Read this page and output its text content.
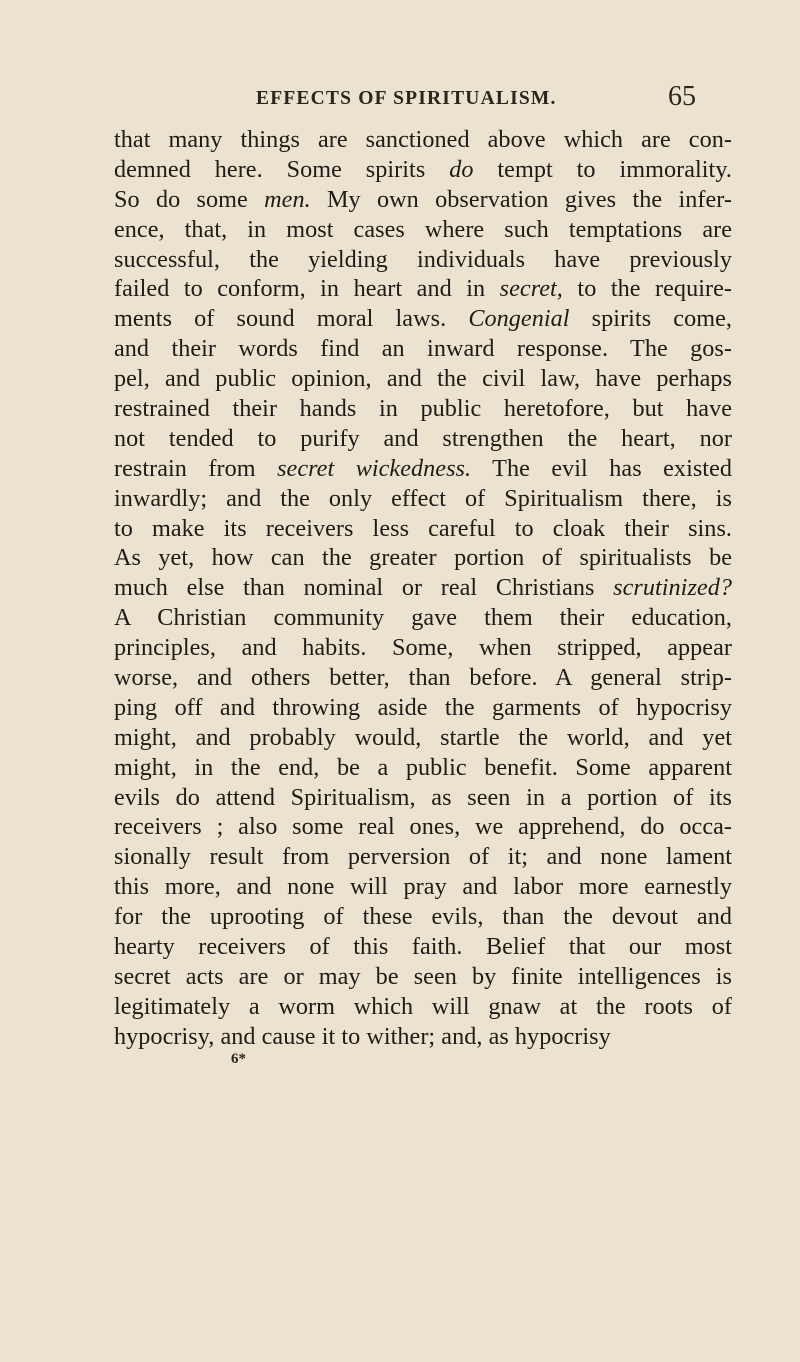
EFFECTS OF SPIRITUALISM.	65
that many things are sanctioned above which are con-
demned here. Some spirits do tempt to immorality.
So do some men. My own observation gives the infer-
ence, that, in most cases where such temptations are
successful, the yielding individuals have previously
failed to conform, in heart and in secret, to the require-
ments of sound moral laws. Congenial spirits come,
and their words find an inward response. The gos-
pel, and public opinion, and the civil law, have perhaps
restrained their hands in public heretofore, but have
not tended to purify and strengthen the heart, nor
restrain from secret wickedness. The evil has existed
inwardly; and the only effect of Spiritualism there, is
to make its receivers less careful to cloak their sins.
As yet, how can the greater portion of spiritualists be
much else than nominal or real Christians scrutinized?
A Christian community gave them their education,
principles, and habits. Some, when stripped, appear
worse, and others better, than before. A general strip-
ping off and throwing aside the garments of hypocrisy
might, and probably would, startle the world, and yet
might, in the end, be a public benefit. Some apparent
evils do attend Spiritualism, as seen in a portion of its
receivers ; also some real ones, we apprehend, do occa-
sionally result from perversion of it; and none lament
this more, and none will pray and labor more earnestly
for the uprooting of these evils, than the devout and
hearty receivers of this faith. Belief that our most
secret acts are or may be seen by finite intelligences is
legitimately a worm which will gnaw at the roots of
hypocrisy, and cause it to wither; and, as hypocrisy
6*
